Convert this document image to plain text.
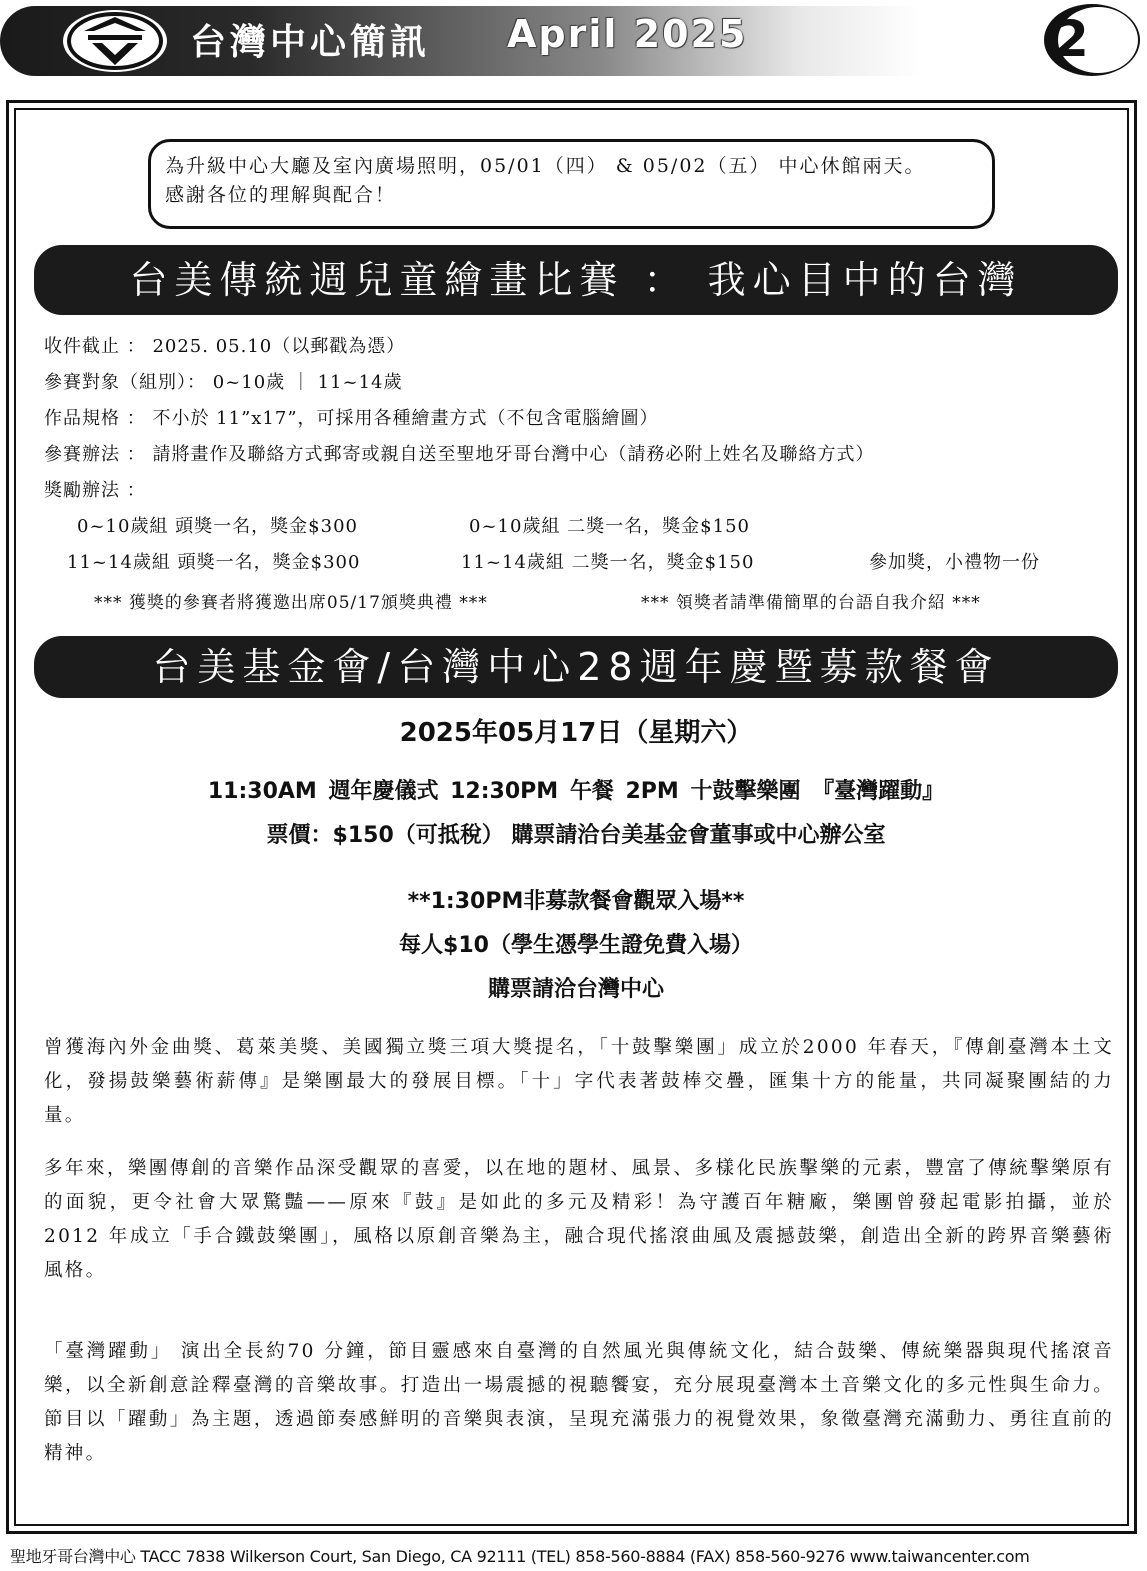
台灣中心簡訊 April 2025	2
為升級中心大廳及室內廣場照明，05/01（四） & 05/02（五） 中心休館兩天。
感謝各位的理解與配合！
台美傳統週兒童繪畫比賽 ： 我心目中的台灣
收件截止 ： 2025. 05.10（以郵戳為憑）
參賽對象（組別）： 0~10歲 ｜ 11~14歲
作品規格 ： 不小於 11”x17”，可採用各種繪畫方式（不包含電腦繪圖）
參賽辦法 ： 請將畫作及聯絡方式郵寄或親自送至聖地牙哥台灣中心（請務必附上姓名及聯絡方式）
獎勵辦法 ：
0~10歲組 頭獎一名，獎金$300	0~10歲組 二獎一名，獎金$150
11~14歲組 頭獎一名，獎金$300	11~14歲組 二獎一名，獎金$150	參加獎，小禮物一份
*** 獲獎的參賽者將獲邀出席05/17頒獎典禮 ***	*** 領獎者請準備簡單的台語自我介紹 ***
台美基金會/台灣中心28週年慶暨募款餐會
2025年05月17日（星期六）
11:30AM 週年慶儀式 12:30PM 午餐 2PM 十鼓擊樂團 『臺灣躍動』
票價：$150（可抵稅） 購票請洽台美基金會董事或中心辦公室
**1:30PM非募款餐會觀眾入場**
每人$10（學生憑學生證免費入場）
購票請洽台灣中心
曾獲海內外金曲獎、葛萊美獎、美國獨立獎三項大獎提名，「十鼓擊樂團」成立於2000 年春天，『傳創臺灣本土文化，發揚鼓樂藝術薪傳』是樂團最大的發展目標。「十」字代表著鼓棒交疊，匯集十方的能量，共同凝聚團結的力量。
多年來，樂團傳創的音樂作品深受觀眾的喜愛，以在地的題材、風景、多樣化民族擊樂的元素，豐富了傳統擊樂原有的面貌，更令社會大眾驚豔——原來『鼓』是如此的多元及精彩！為守護百年糖廠，樂團曾發起電影拍攝，並於2012 年成立「手合鐵鼓樂團」，風格以原創音樂為主，融合現代搖滾曲風及震撼鼓樂，創造出全新的跨界音樂藝術風格。
「臺灣躍動」 演出全長約70 分鐘，節目靈感來自臺灣的自然風光與傳統文化，結合鼓樂、傳統樂器與現代搖滾音樂，以全新創意詮釋臺灣的音樂故事。打造出一場震撼的視聽饗宴，充分展現臺灣本土音樂文化的多元性與生命力。節目以「躍動」為主題，透過節奏感鮮明的音樂與表演，呈現充滿張力的視覺效果，象徵臺灣充滿動力、勇往直前的精神。
聖地牙哥台灣中心 TACC 7838 Wilkerson Court, San Diego, CA 92111 (TEL) 858-560-8884 (FAX) 858-560-9276 www.taiwancenter.com
